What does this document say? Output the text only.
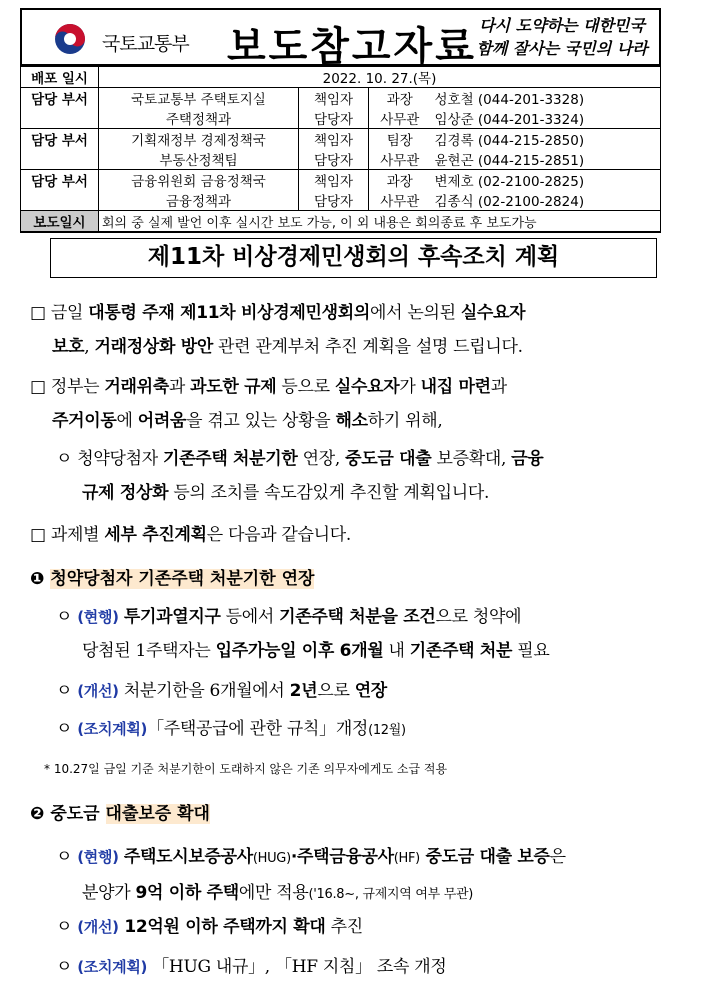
국토교통부 보도참고자료 다시 도약하는 대한민국
함께 잘사는 국민의 나라
배포 일시	2022. 10. 27.(목)			
담당 부서	국토교통부 주택토지실	책임자	과장	성호철 (044-201-3328)
	주택정책과	담당자	사무관	임상준 (044-201-3324)
담당 부서	기획재정부 경제정책국	책임자	팀장	김경록 (044-215-2850)
	부동산정책팀	담당자	사무관	윤현곤 (044-215-2851)
담당 부서	금융위원회 금융정책국	책임자	과장	변제호 (02-2100-2825)
	금융정책과	담당자	사무관	김종식 (02-2100-2824)
보도일시	회의 중 실제 발언 이후 실시간 보도 가능, 이 외 내용은 회의종료 후 보도가능			
제11차 비상경제민생회의 후속조치 계획
□ 금일 대통령 주재 제11차 비상경제민생회의에서 논의된 실수요자
보호, 거래정상화 방안 관련 관계부처 추진 계획을 설명 드립니다.
□ 정부는 거래위축과 과도한 규제 등으로 실수요자가 내집 마련과
주거이동에 어려움을 겪고 있는 상황을 해소하기 위해,
ㅇ 청약당첨자 기존주택 처분기한 연장, 중도금 대출 보증확대, 금융
규제 정상화 등의 조치를 속도감있게 추진할 계획입니다.
□ 과제별 세부 추진계획은 다음과 같습니다.
❶ 청약당첨자 기존주택 처분기한 연장
ㅇ (현행) 투기과열지구 등에서 기존주택 처분을 조건으로 청약에
당첨된 1주택자는 입주가능일 이후 6개월 내 기존주택 처분 필요
ㅇ (개선) 처분기한을 6개월에서 2년으로 연장
ㅇ (조치계획)「주택공급에 관한 규칙」개정(12월)
* 10.27일 금일 기준 처분기한이 도래하지 않은 기존 의무자에게도 소급 적용
❷ 중도금 대출보증 확대
ㅇ (현행) 주택도시보증공사(HUG)·주택금융공사(HF) 중도금 대출 보증은
분양가 9억 이하 주택에만 적용('16.8~, 규제지역 여부 무관)
ㅇ (개선) 12억원 이하 주택까지 확대 추진
ㅇ (조치계획) 「HUG 내규」, 「HF 지침」 조속 개정
